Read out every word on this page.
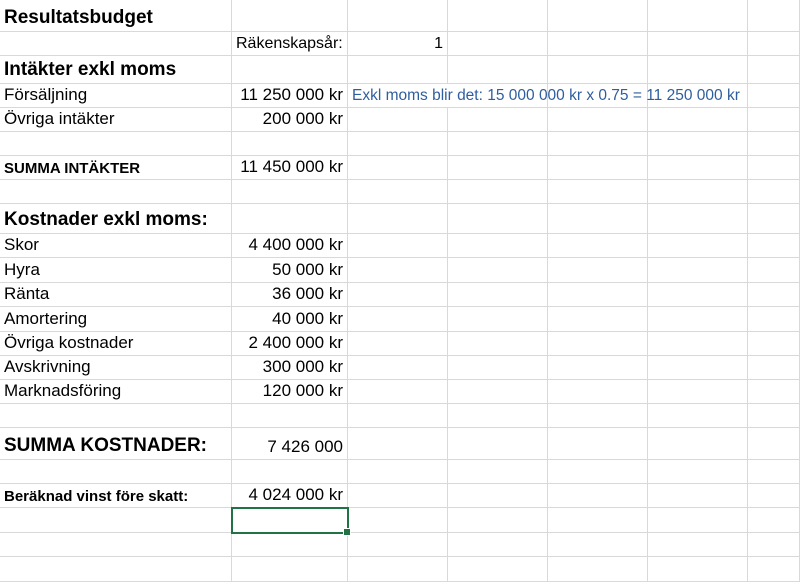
Resultatsbudget
Räkenskapsår:	1
Intäkter exkl moms
Försäljning	11 250 000 kr Exkl moms blir det: 15 000 000 kr x 0.75 = 11 250 000 kr
Övriga intäkter	200 000 kr
SUMMA INTÄKTER	11 450 000 kr
Kostnader exkl moms:
Skor	4 400 000 kr
Hyra	50 000 kr
Ränta	36 000 kr
Amortering	40 000 kr
Övriga kostnader	2 400 000 kr
Avskrivning	300 000 kr
Marknadsföring	120 000 kr
SUMMA KOSTNADER:	7 426 000
Beräknad vinst före skatt:	4 024 000 kr
